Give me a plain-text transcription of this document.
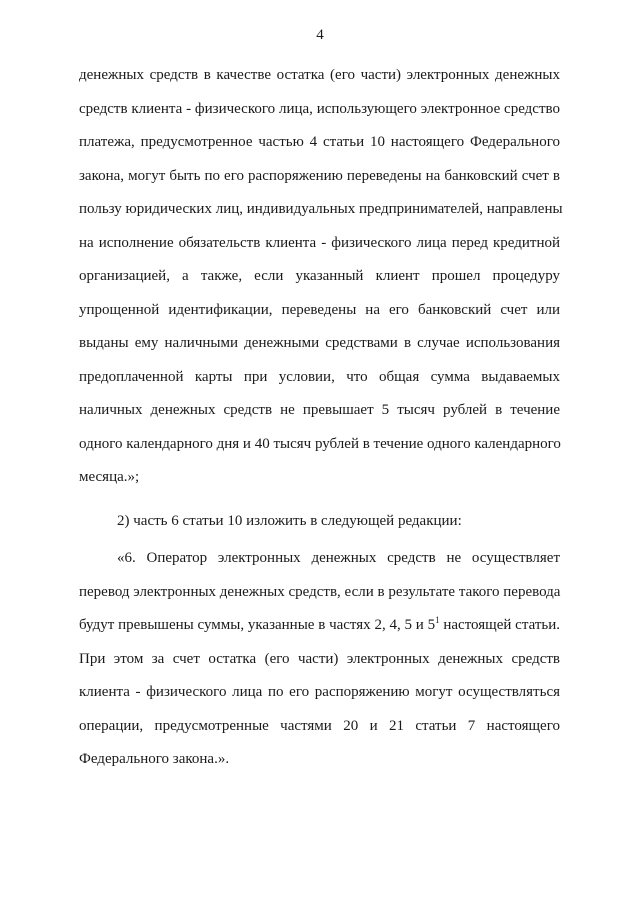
4
денежных средств в качестве остатка (его части) электронных денежных
средств клиента - физического лица, использующего электронное средство
платежа, предусмотренное частью 4 статьи 10 настоящего Федерального
закона, могут быть по его распоряжению переведены на банковский счет в
пользу юридических лиц, индивидуальных предпринимателей, направлены
на исполнение обязательств клиента - физического лица перед кредитной
организацией, а также, если указанный клиент прошел процедуру
упрощенной идентификации, переведены на его банковский счет или
выданы ему наличными денежными средствами в случае использования
предоплаченной карты при условии, что общая сумма выдаваемых
наличных денежных средств не превышает 5 тысяч рублей в течение
одного календарного дня и 40 тысяч рублей в течение одного календарного
месяца.»;
2) часть 6 статьи 10 изложить в следующей редакции:
«6. Оператор электронных денежных средств не осуществляет
перевод электронных денежных средств, если в результате такого перевода
будут превышены суммы, указанные в частях 2, 4, 5 и $5^1$ настоящей статьи.
При этом за счет остатка (его части) электронных денежных средств
клиента - физического лица по его распоряжению могут осуществляться
операции, предусмотренные частями 20 и 21 статьи 7 настоящего
Федерального закона.».
